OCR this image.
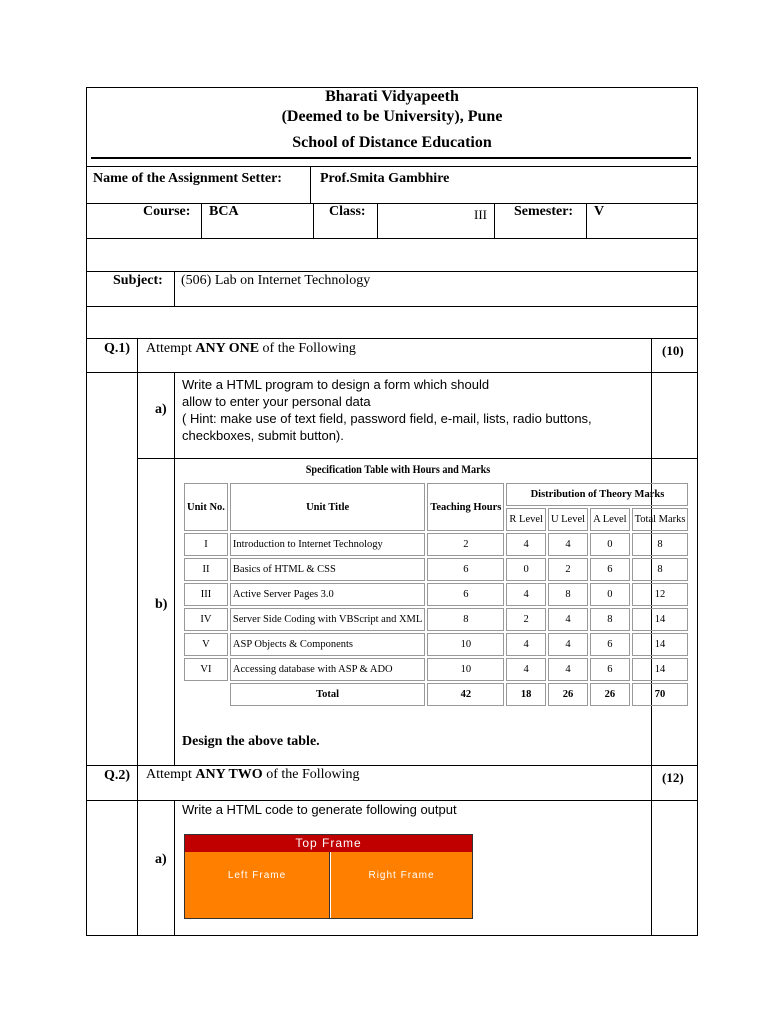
Bharati Vidyapeeth
(Deemed to be University), Pune
School of Distance Education
Name of the Assignment Setter:	Prof.Smita Gambhire
Course: BCA	Class:	III Semester: V
Subject: (506) Lab on Internet Technology
Q.1) Attempt ANY ONE of the Following	(10)
a)
Write a HTML program to design a form which should
allow to enter your personal data
( Hint: make use of text field, password field, e-mail, lists, radio buttons,
checkboxes, submit button).
b)
Specification Table with Hours and Marks
Unit No.	Unit Title	Teaching Hours	Distribution of Theory Marks			
			R Level	U Level	A Level	Total Marks
I	Introduction to Internet Technology	2	4	4	0	8
II	Basics of HTML & CSS	6	0	2	6	8
III	Active Server Pages 3.0	6	4	8	0	12
IV	Server Side Coding with VBScript and XML	8	2	4	8	14
V	ASP Objects & Components	10	4	4	6	14
VI	Accessing database with ASP & ADO	10	4	4	6	14
	Total	42	18	26	26	70
Design the above table.
Q.2) Attempt ANY TWO of the Following	(12)
a)
Write a HTML code to generate following output
Top Frame
Left Frame	Right Frame
